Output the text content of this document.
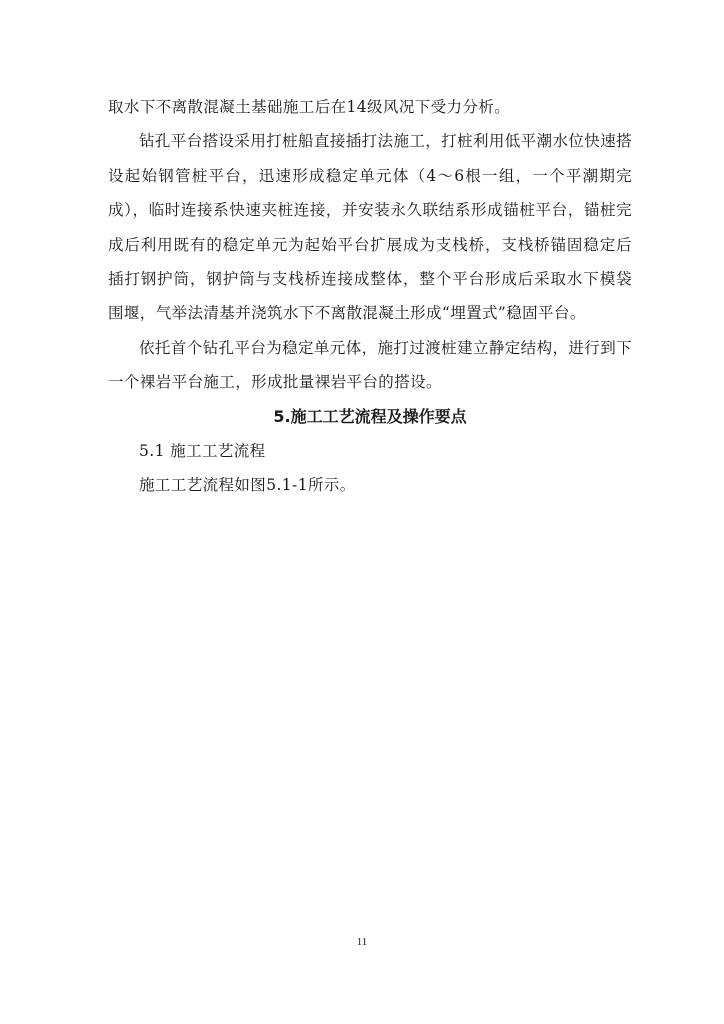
取水下不离散混凝土基础施工后在14级风况下受力分析。

钻孔平台搭设采用打桩船直接插打法施工，打桩利用低平潮水位快速搭设起始钢管桩平台，迅速形成稳定单元体（4～6根一组，一个平潮期完成），临时连接系快速夹桩连接，并安装永久联结系形成锚桩平台，锚桩完成后利用既有的稳定单元为起始平台扩展成为支栈桥，支栈桥锚固稳定后插打钢护筒，钢护筒与支栈桥连接成整体，整个平台形成后采取水下模袋围堰，气举法清基并浇筑水下不离散混凝土形成“埋置式”稳固平台。

依托首个钻孔平台为稳定单元体，施打过渡桩建立静定结构，进行到下一个裸岩平台施工，形成批量裸岩平台的搭设。

5.施工工艺流程及操作要点

5.1 施工工艺流程

施工工艺流程如图5.1-1所示。

11
